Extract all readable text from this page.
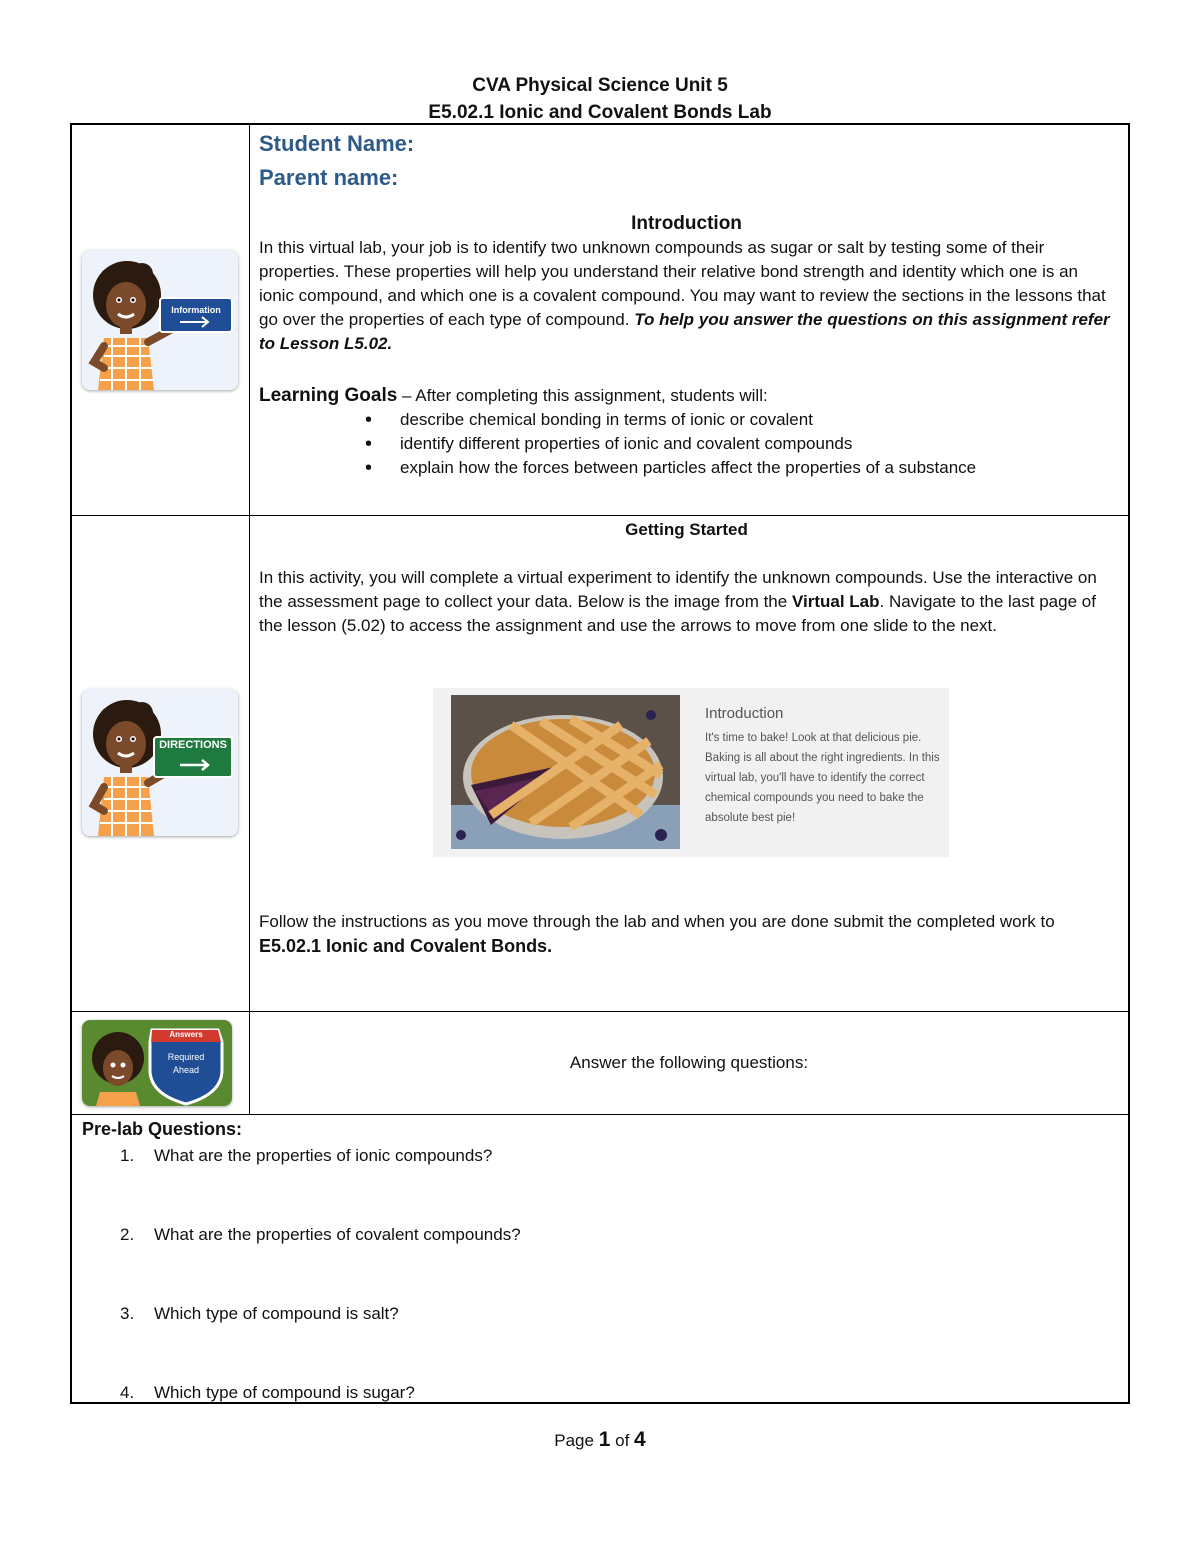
CVA Physical Science Unit 5
E5.02.1 Ionic and Covalent Bonds Lab
Information
Student Name:
Parent name:
Introduction

In this virtual lab, your job is to identify two unknown compounds as sugar or salt by testing some of their properties. These properties will help you understand their relative bond strength and identity which one is an ionic compound, and which one is a covalent compound. You may want to review the sections in the lessons that go over the properties of each type of compound. To help you answer the questions on this assignment refer to Lesson L5.02.

Learning Goals – After completing this assignment, students will:

• describe chemical bonding in terms of ionic or covalent
• identify different properties of ionic and covalent compounds
• explain how the forces between particles affect the properties of a substance
DIRECTIONS
Getting Started

In this activity, you will complete a virtual experiment to identify the unknown compounds. Use the interactive on the assessment page to collect your data. Below is the image from the Virtual Lab. Navigate to the last page of the lesson (5.02) to access the assignment and use the arrows to move from one slide to the next.

Introduction
It's time to bake! Look at that delicious pie. Baking is all about the right ingredients. In this virtual lab, you'll have to identify the correct chemical compounds you need to bake the absolute best pie!

Follow the instructions as you move through the lab and when you are done submit the completed work to
E5.02.1 Ionic and Covalent Bonds.

Answers
Required
Ahead	Answer the following questions:
Pre-lab Questions:
1. What are the properties of ionic compounds?
2. What are the properties of covalent compounds?
3. Which type of compound is salt?
4. Which type of compound is sugar?
Page 1 of 4
